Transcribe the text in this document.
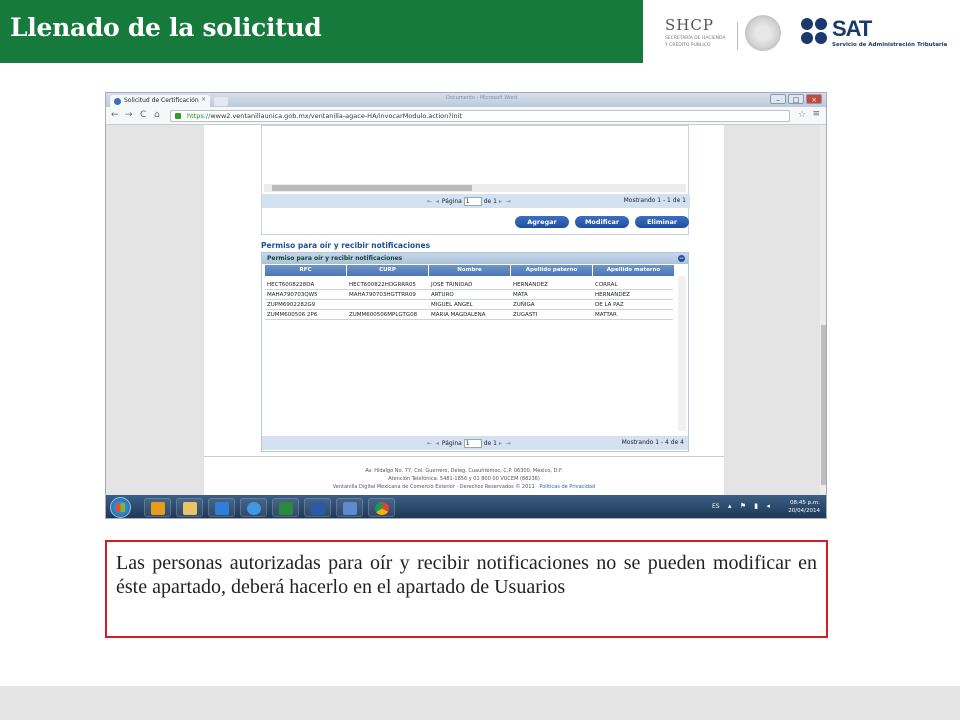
Llenado de la solicitud	SHCP
SECRETARÍA DE HACIENDA
Y CRÉDITO PÚBLICO
SAT
Servicio de Administración Tributaria
Solicitud de Certificación ×	Documento - Microsoft Word	–	□	×
← → C ⌂	https://www2.ventanillaunica.gob.mx/ventanilla-agace-HA/invocarModulo.action?init	☆ ≡
⇤ ◂ Página 1 de 1 ▸ ⇥	Mostrando 1 - 1 de 1
Agregar	Modificar	Eliminar
Permiso para oír y recibir notificaciones
Permiso para oír y recibir notificaciones	−
RFC	CURP	Nombre	Apellido paterno	Apellido materno
HECT6008228DA	HECT600822HDGRRR05	JOSE TRINIDAD	HERNANDEZ	CORRAL
MAHA790703QW5	MAHA790703HGTTRR09	ARTURO	MATA	HERNANDEZ
ZUPM6902282G9	MIGUEL ANGEL	ZUÑIGA	DE LA PAZ
ZUMM600506 2P6	ZUMM600506MPLGTG08	MARIA MAGDALENA	ZUGASTI	MATTAR
⇤ ◂ Página 1 de 1 ▸ ⇥	Mostrando 1 - 4 de 4
Av. Hidalgo No. 77, Col. Guerrero, Deleg. Cuauhtémoc, C.P. 06300, México, D.F.
Atención Telefónica: 5481-1856 y 01 800 00 VUCEM (88236)
Ventanilla Digital Mexicana de Comercio Exterior · Derechos Reservados © 2011 · Políticas de Privacidad
ES ▴ ⚑ ▮ ◂	08:45 p.m.
20/04/2014
Las personas autorizadas para oír y recibir notificaciones no se pueden modificar en éste apartado, deberá hacerlo en el apartado de Usuarios
